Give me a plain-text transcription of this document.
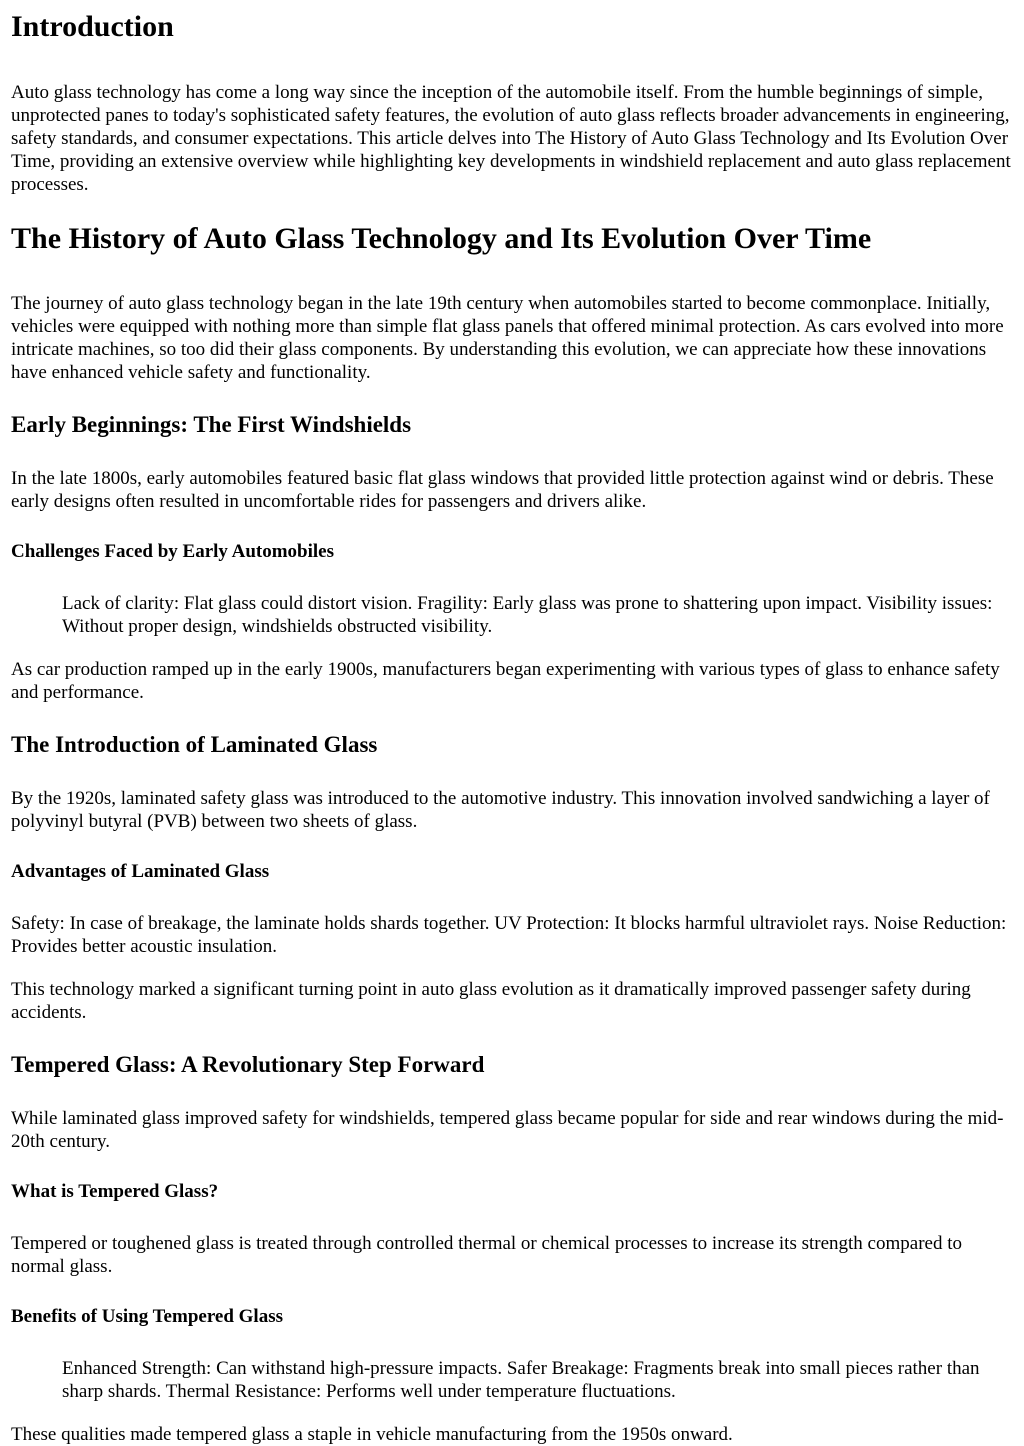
Introduction

Auto glass technology has come a long way since the inception of the automobile itself. From the humble beginnings of simple, unprotected panes to today's sophisticated safety features, the evolution of auto glass reflects broader advancements in engineering, safety standards, and consumer expectations. This article delves into The History of Auto Glass Technology and Its Evolution Over Time, providing an extensive overview while highlighting key developments in windshield replacement and auto glass replacement processes.

The History of Auto Glass Technology and Its Evolution Over Time

The journey of auto glass technology began in the late 19th century when automobiles started to become commonplace. Initially, vehicles were equipped with nothing more than simple flat glass panels that offered minimal protection. As cars evolved into more intricate machines, so too did their glass components. By understanding this evolution, we can appreciate how these innovations have enhanced vehicle safety and functionality.

Early Beginnings: The First Windshields

In the late 1800s, early automobiles featured basic flat glass windows that provided little protection against wind or debris. These early designs often resulted in uncomfortable rides for passengers and drivers alike.

Challenges Faced by Early Automobiles

Lack of clarity: Flat glass could distort vision. Fragility: Early glass was prone to shattering upon impact. Visibility issues: Without proper design, windshields obstructed visibility.

As car production ramped up in the early 1900s, manufacturers began experimenting with various types of glass to enhance safety and performance.

The Introduction of Laminated Glass

By the 1920s, laminated safety glass was introduced to the automotive industry. This innovation involved sandwiching a layer of polyvinyl butyral (PVB) between two sheets of glass.

Advantages of Laminated Glass

Safety: In case of breakage, the laminate holds shards together. UV Protection: It blocks harmful ultraviolet rays. Noise Reduction: Provides better acoustic insulation.

This technology marked a significant turning point in auto glass evolution as it dramatically improved passenger safety during accidents.

Tempered Glass: A Revolutionary Step Forward

While laminated glass improved safety for windshields, tempered glass became popular for side and rear windows during the mid-20th century.

What is Tempered Glass?

Tempered or toughened glass is treated through controlled thermal or chemical processes to increase its strength compared to normal glass.

Benefits of Using Tempered Glass

Enhanced Strength: Can withstand high-pressure impacts. Safer Breakage: Fragments break into small pieces rather than sharp shards. Thermal Resistance: Performs well under temperature fluctuations.

These qualities made tempered glass a staple in vehicle manufacturing from the 1950s onward.
